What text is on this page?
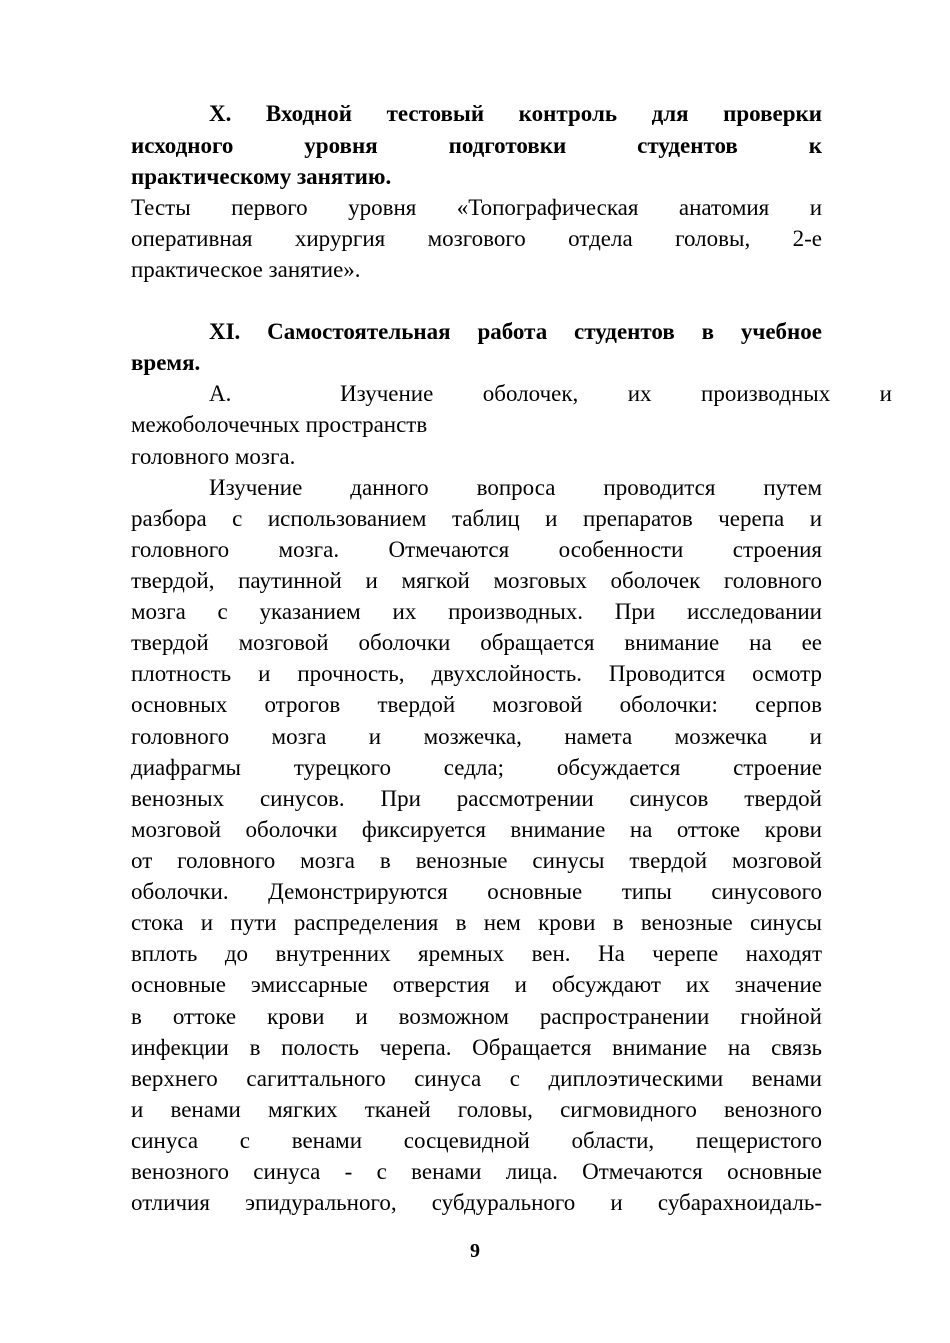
X. Входной тестовый контроль для проверки
исходного уровня подготовки студентов к
практическому занятию.
Тесты первого уровня «Топографическая анатомия и
оперативная хирургия мозгового отдела головы, 2-е
практическое занятие».
XI. Самостоятельная работа студентов в учебное
время.
А.	Изучение оболочек, их производных и
межоболочечных пространств
головного мозга.
Изучение данного вопроса проводится путем
разбора с использованием таблиц и препаратов черепа и
головного мозга. Отмечаются особенности строения
твердой, паутинной и мягкой мозговых оболочек головного
мозга с указанием их производных. При исследовании
твердой мозговой оболочки обращается внимание на ее
плотность и прочность, двухслойность. Проводится осмотр
основных отрогов твердой мозговой оболочки: серпов
головного мозга и мозжечка, намета мозжечка и
диафрагмы турецкого седла; обсуждается строение
венозных синусов. При рассмотрении синусов твердой
мозговой оболочки фиксируется внимание на оттоке крови
от головного мозга в венозные синусы твердой мозговой
оболочки. Демонстрируются основные типы синусового
стока и пути распределения в нем крови в венозные синусы
вплоть до внутренних яремных вен. На черепе находят
основные эмиссарные отверстия и обсуждают их значение
в оттоке крови и возможном распространении гнойной
инфекции в полость черепа. Обращается внимание на связь
верхнего сагиттального синуса с диплоэтическими венами
и венами мягких тканей головы, сигмовидного венозного
синуса с венами сосцевидной области, пещеристого
венозного синуса - с венами лица. Отмечаются основные
отличия эпидурального, субдурального и субарахноидаль-
9
